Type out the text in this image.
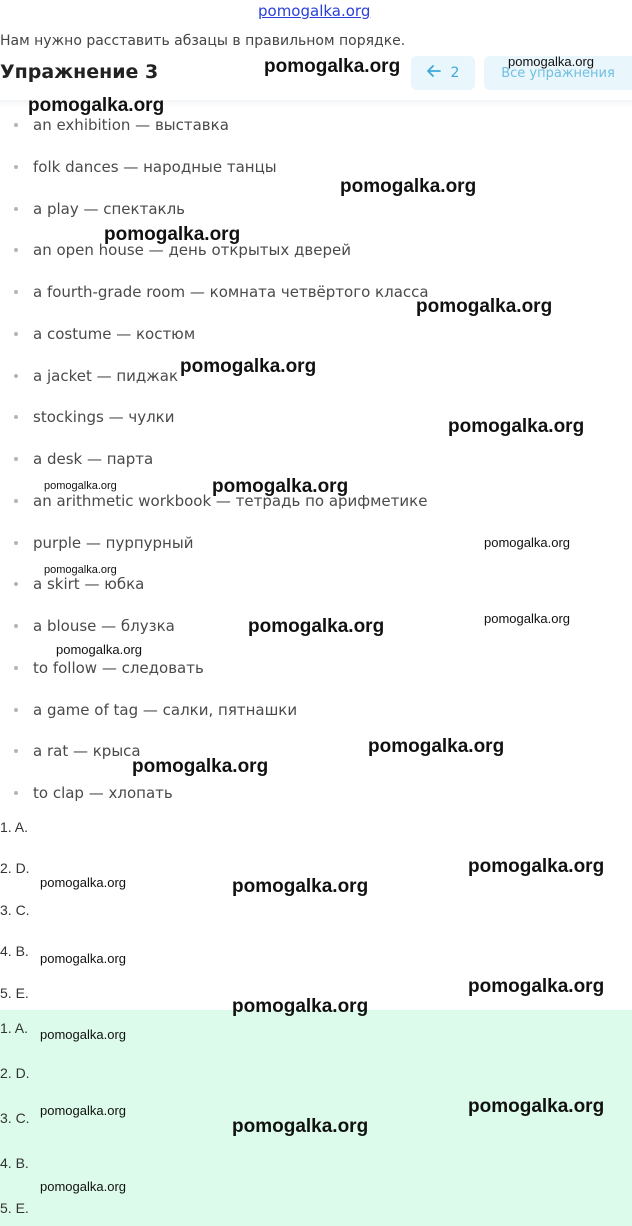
pomogalka.org
Нам нужно расставить абзацы в правильном порядке.
Упражнение 3	2	Все упражнения
an exhibition — выставка
folk dances — народные танцы
a play — спектакль
an open house — день открытых дверей
a fourth-grade room — комната четвёртого класса
a costume — костюм
a jacket — пиджак
stockings — чулки
a desk — парта
an arithmetic workbook — тетрадь по арифметике
purple — пурпурный
a skirt — юбка
a blouse — блузка
to follow — следовать
a game of tag — салки, пятнашки
a rat — крыса
to clap — хлопать
1. A.
2. D.
3. C.
4. B.
5. E.
1. A.
2. D.
3. C.
4. B.
5. E.
pomogalka.org	pomogalka.org
pomogalka.org
pomogalka.org
pomogalka.org
pomogalka.org
pomogalka.org
pomogalka.org
pomogalka.org	pomogalka.org
pomogalka.org
pomogalka.org
pomogalka.org	pomogalka.org
pomogalka.org
pomogalka.org
pomogalka.org
pomogalka.org
pomogalka.org	pomogalka.org
pomogalka.org
pomogalka.org
pomogalka.org
pomogalka.org
pomogalka.org
pomogalka.org
pomogalka.org
pomogalka.org
